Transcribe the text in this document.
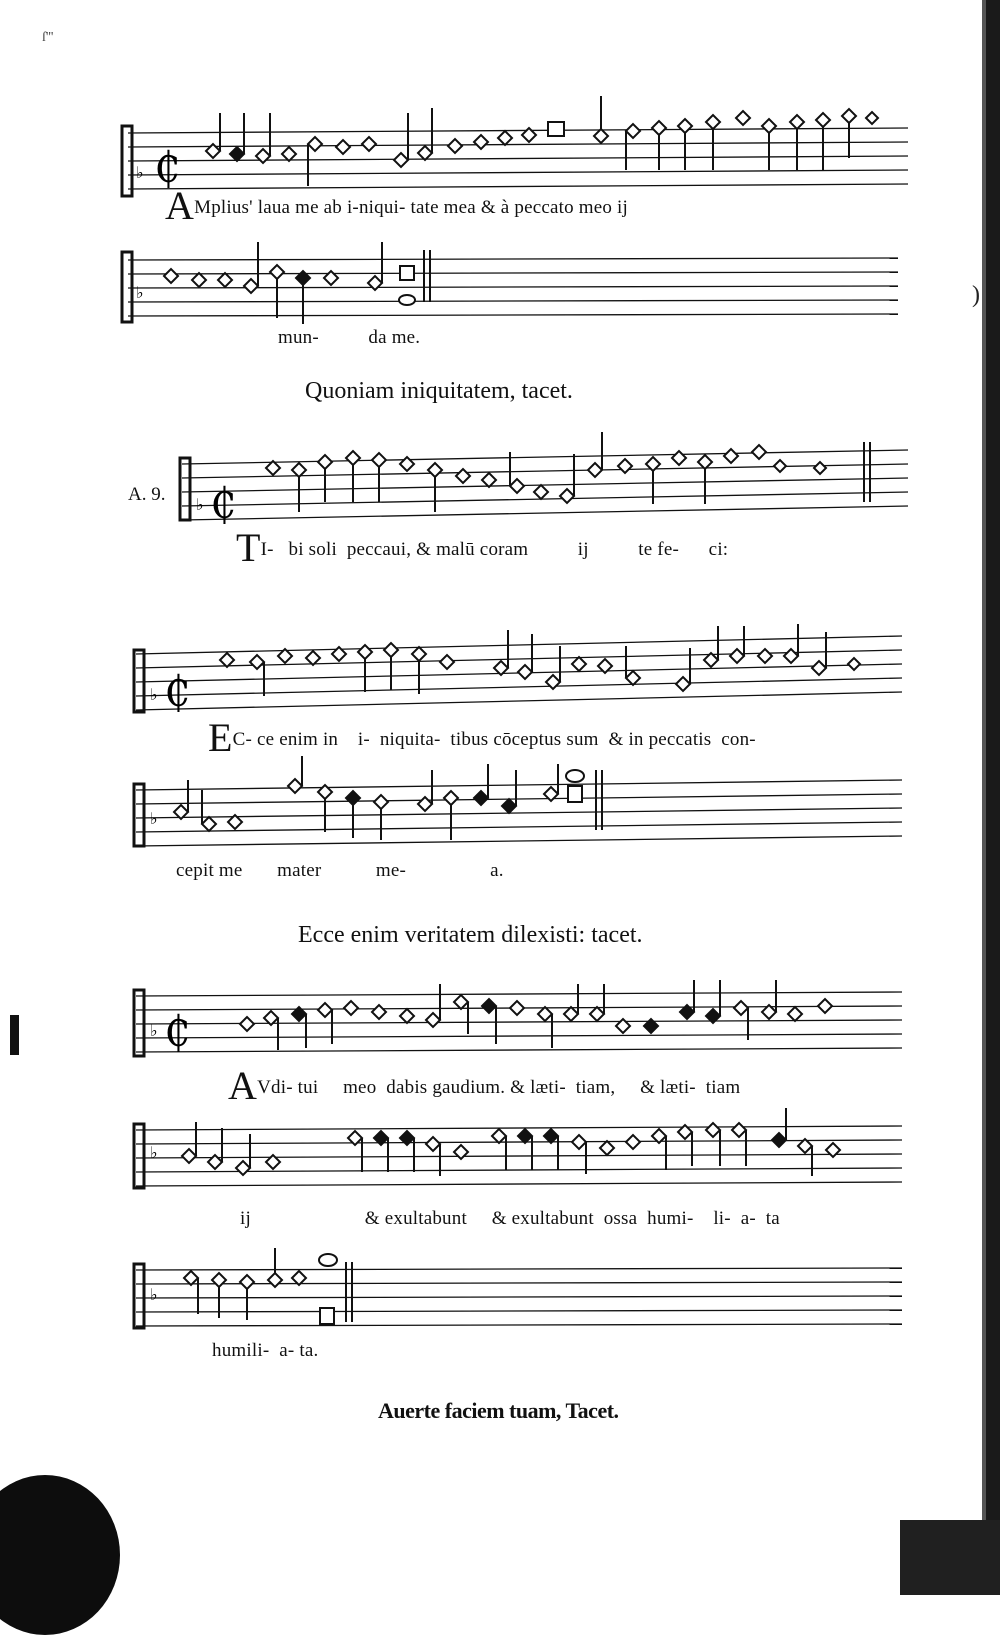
ſ'''
)
♭ ₵
AMplius' laua me ab i-niqui- tate mea & à peccato meo ij
♭
mun-          da me.
Quoniam iniquitatem, tacet.
A. 9.
♭ ₵
TI-   bi soli  peccaui, & malū coram          ij          te fe-      ci:
♭ ₵
EC- ce enim in    i-  niquita-  tibus cōceptus sum  & in peccatis  con-
♭
cepit me       mater           me-                 a.
Ecce enim veritatem dilexisti: tacet.
♭ ₵
AVdi- tui     meo  dabis gaudium. & læti-  tiam,     & læti-  tiam
♭
ij                       & exultabunt     & exultabunt  ossa  humi-    li-  a-  ta
♭
humili-  a- ta.
Auerte faciem tuam, Tacet.
